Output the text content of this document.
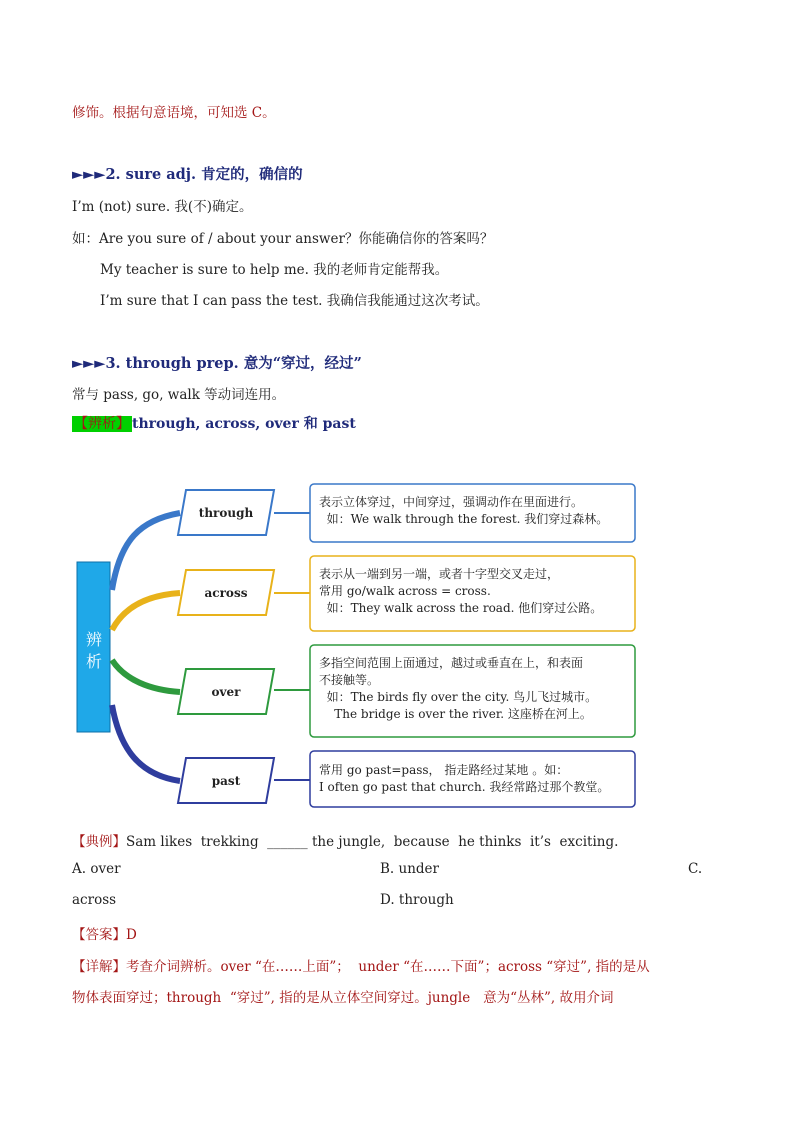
修饰。根据句意语境，可知选 C。
►►►2. sure adj. 肯定的，确信的
I’m (not) sure. 我(不)确定。
如：Are you sure of / about your answer？你能确信你的答案吗？
My teacher is sure to help me. 我的老师肯定能帮我。
I’m sure that I can pass the test. 我确信我能通过这次考试。
►►►3. through prep. 意为“穿过，经过”
常与 pass, go, walk 等动词连用。
【辨析】 through, across, over 和 past
辨
析
through
across
over
past
表示立体穿过，中间穿过，强调动作在里面进行。
如：We walk through the forest. 我们穿过森林。
表示从一端到另一端，或者十字型交叉走过，
常用 go/walk across = cross.
如：They walk across the road. 他们穿过公路。
多指空间范围上面通过，越过或垂直在上，和表面
不接触等。
如：The birds fly over the city. 鸟儿飞过城市。
The bridge is over the river. 这座桥在河上。
常用 go past=pass， 指走路经过某地 。如：
I often go past that church. 我经常路过那个教堂。
【典例】Sam likes  trekking  ______ the jungle,  because  he thinks  it’s  exciting.
A. over	B. under	C.
across	D. through
【答案】D
【详解】考查介词辨析。over “在……上面”；  under “在……下面”；across “穿过”, 指的是从
物体表面穿过；through  “穿过”, 指的是从立体空间穿过。jungle   意为“丛林”, 故用介词
